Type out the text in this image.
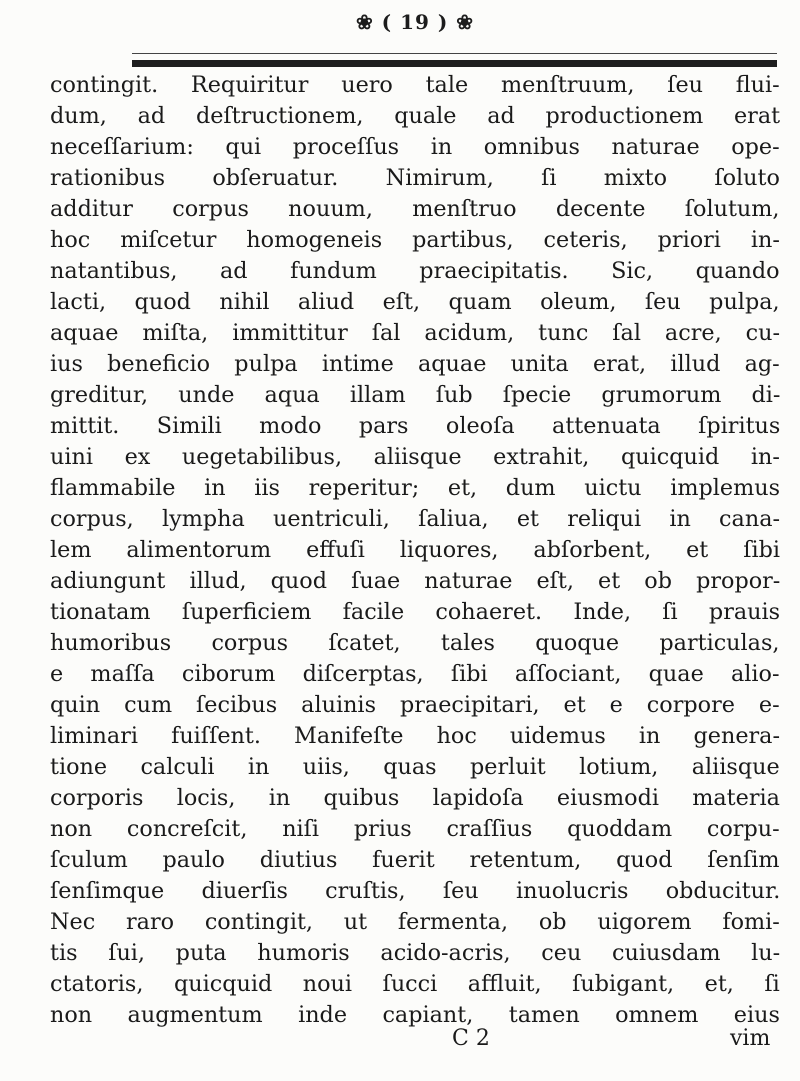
❀ ( 19 ) ❀
contingit. Requiritur uero tale menſtruum, ſeu flui-
dum, ad deſtructionem, quale ad productionem erat
neceſſarium: qui proceſſus in omnibus naturae ope-
rationibus obſeruatur. Nimirum, ſi mixto ſoluto
additur corpus nouum, menſtruo decente ſolutum,
hoc miſcetur homogeneis partibus, ceteris, priori in-
natantibus, ad fundum praecipitatis. Sic, quando
lacti, quod nihil aliud eſt, quam oleum, ſeu pulpa,
aquae miſta, immittitur ſal acidum, tunc ſal acre, cu-
ius beneficio pulpa intime aquae unita erat, illud ag-
greditur, unde aqua illam ſub ſpecie grumorum di-
mittit. Simili modo pars oleoſa attenuata ſpiritus
uini ex uegetabilibus, aliisque extrahit, quicquid in-
flammabile in iis reperitur; et, dum uictu implemus
corpus, lympha uentriculi, ſaliua, et reliqui in cana-
lem alimentorum effuſi liquores, abſorbent, et ſibi
adiungunt illud, quod ſuae naturae eſt, et ob propor-
tionatam ſuperficiem facile cohaeret. Inde, ſi prauis
humoribus corpus ſcatet, tales quoque particulas,
e maſſa ciborum diſcerptas, ſibi aſſociant, quae alio-
quin cum ſecibus aluinis praecipitari, et e corpore e-
liminari fuiſſent. Manifeſte hoc uidemus in genera-
tione calculi in uiis, quas perluit lotium, aliisque
corporis locis, in quibus lapidoſa eiusmodi materia
non concreſcit, niſi prius craſſius quoddam corpu-
ſculum paulo diutius fuerit retentum, quod ſenſim
ſenſimque diuerſis cruſtis, ſeu inuolucris obducitur.
Nec raro contingit, ut fermenta, ob uigorem fomi-
tis ſui, puta humoris acido-acris, ceu cuiusdam lu-
ctatoris, quicquid noui ſucci affluit, ſubigant, et, ſi
non augmentum inde capiant, tamen omnem eius
C 2	vim
